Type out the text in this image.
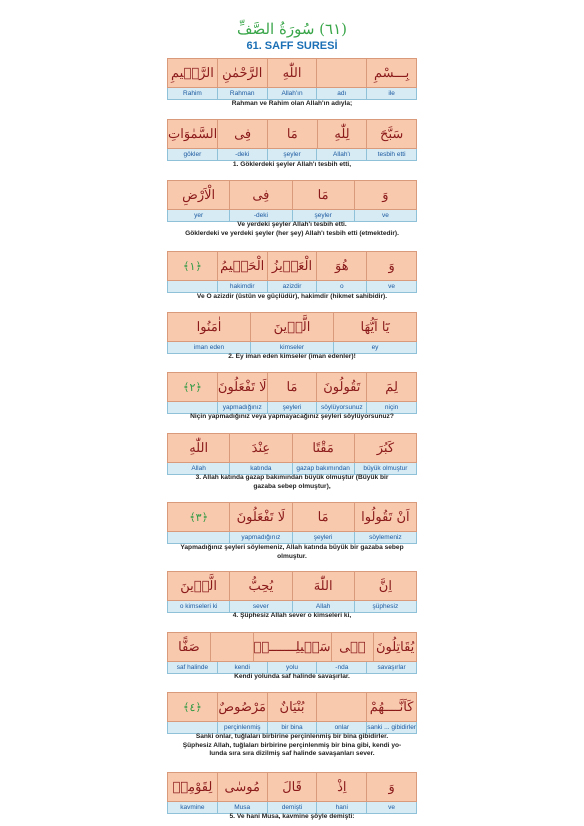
(٦١) سُورَةُ الصَّفِّ
61. SAFF SURESİ
بِـــسْمِ
اللّٰهِ
الرَّحْمٰنِ
الرَّحٖيمِ
ile
adı
Allah'ın
Rahman
Rahim
Rahman ve Rahim olan Allah'ın adıyla;
سَبَّحَ
لِلّٰهِ
مَا
فِى
السَّمٰوَاتِ
tesbih etti
Allah'ı
şeyler
-deki
gökler
1. Göklerdeki şeyler Allah'ı tesbih etti,
وَ
مَا
فِى
الْاَرْضِ
ve
şeyler
-deki
yer
Ve yerdeki şeyler Allah'ı tesbih etti.
Göklerdeki ve yerdeki şeyler (her şey) Allah'ı tesbih etti (etmektedir).
وَ
هُوَ
الْعَزٖيزُ
الْحَكٖيمُ
﴿١﴾
ve
o
azizdir
hakimdir
Ve O azizdir (üstün ve güçlüdür), hakimdir (hikmet sahibidir).
يَٓا اَيُّهَا
الَّذٖينَ
اٰمَنُوا
ey
kimseler
iman eden
2. Ey iman eden kimseler (iman edenler)!
لِمَ
تَقُولُونَ
مَا
لَا تَفْعَلُونَ
﴿٢﴾
niçin
söylüyorsunuz
şeyleri
yapmadığınız
Niçin yapmadığınız veya yapmayacağınız şeyleri söylüyorsunuz?
كَبُرَ
مَقْتًا
عِنْدَ
اللّٰهِ
büyük olmuştur
gazap bakımından
katında
Allah
3. Allah katında gazap bakımından büyük olmuştur (Büyük bir
gazaba sebep olmuştur),
اَنْ تَقُولُوا
مَا
لَا تَفْعَلُونَ
﴿٣﴾
söylemeniz
şeyleri
yapmadığınız
Yapmadığınız şeyleri söylemeniz, Allah katında büyük bir gazaba sebep
olmuştur.
اِنَّ
اللّٰهَ
يُحِبُّ
الَّذٖينَ
şüphesiz
Allah
sever
o kimseleri ki
4. Şüphesiz Allah sever o kimseleri ki,
يُقَاتِلُونَ
فٖى
سَبٖيلِـــــــهٖ
صَفًّا
savaşırlar
-nda
yolu
kendi
saf halinde
Kendi yolunda saf halinde savaşırlar.
كَاَنَّــــهُمْ
بُنْيَانٌ
مَرْصُوصٌ
﴿٤﴾
sanki ... gibidirler
onlar
bir bina
perçinlenmiş
Sanki onlar, tuğlaları birbirine perçinlenmiş bir bina gibidirler.
Şüphesiz Allah, tuğlaları birbirine perçinlenmiş bir bina gibi, kendi yo-
lunda sıra sıra dizilmiş saf halinde savaşanları sever.
وَ
اِذْ
قَالَ
مُوسٰى
لِقَوْمِهٖ
ve
hani
demişti
Musa
kavmine
5. Ve hani Musa, kavmine şöyle demişti:
